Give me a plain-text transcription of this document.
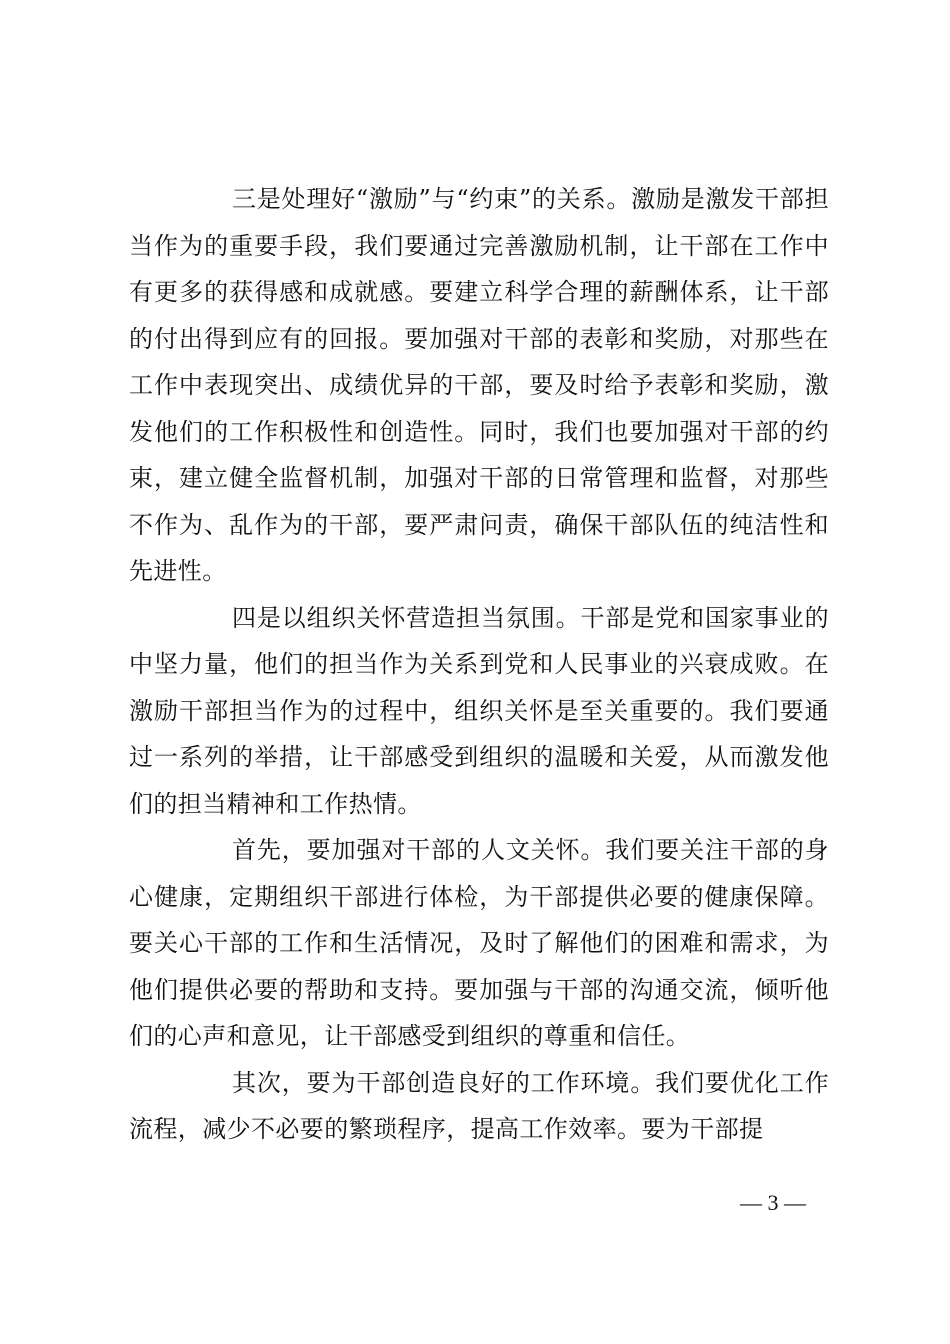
三是处理好“激励”与“约束”的关系。激励是激发干部担当作为的重要手段，我们要通过完善激励机制，让干部在工作中有更多的获得感和成就感。要建立科学合理的薪酬体系，让干部的付出得到应有的回报。要加强对干部的表彰和奖励，对那些在工作中表现突出、成绩优异的干部，要及时给予表彰和奖励，激发他们的工作积极性和创造性。同时，我们也要加强对干部的约束，建立健全监督机制，加强对干部的日常管理和监督，对那些不作为、乱作为的干部，要严肃问责，确保干部队伍的纯洁性和先进性。

四是以组织关怀营造担当氛围。干部是党和国家事业的中坚力量，他们的担当作为关系到党和人民事业的兴衰成败。在激励干部担当作为的过程中，组织关怀是至关重要的。我们要通过一系列的举措，让干部感受到组织的温暖和关爱，从而激发他们的担当精神和工作热情。

首先，要加强对干部的人文关怀。我们要关注干部的身心健康，定期组织干部进行体检，为干部提供必要的健康保障。要关心干部的工作和生活情况，及时了解他们的困难和需求，为他们提供必要的帮助和支持。要加强与干部的沟通交流，倾听他们的心声和意见，让干部感受到组织的尊重和信任。

其次，要为干部创造良好的工作环境。我们要优化工作流程，减少不必要的繁琐程序，提高工作效率。要为干部提

— 3 —
